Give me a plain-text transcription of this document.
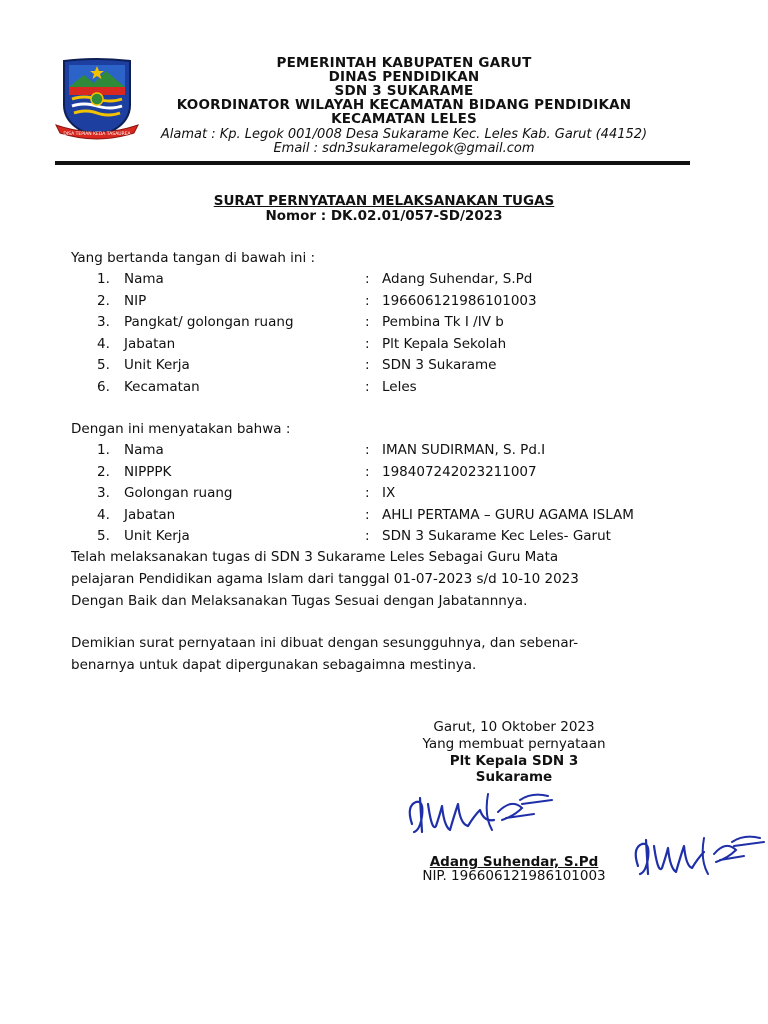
DISA TEPIAN KEDA TASAUREA
PEMERINTAH KABUPATEN GARUT
DINAS PENDIDIKAN
SDN 3 SUKARAME
KOORDINATOR WILAYAH KECAMATAN BIDANG PENDIDIKAN
KECAMATAN LELES
Alamat : Kp. Legok 001/008 Desa Sukarame Kec. Leles Kab. Garut (44152)
Email : sdn3sukaramelegok@gmail.com
SURAT PERNYATAAN MELAKSANAKAN TUGAS
Nomor : DK.02.01/057-SD/2023
Yang bertanda tangan di bawah ini :
1. Nama	: Adang Suhendar, S.Pd
2. NIP	: 196606121986101003
3. Pangkat/ golongan ruang	: Pembina Tk I /IV b
4. Jabatan	: Plt Kepala Sekolah
5. Unit Kerja	: SDN 3 Sukarame
6. Kecamatan	: Leles
Dengan ini menyatakan bahwa :
1. Nama	: IMAN SUDIRMAN, S. Pd.I
2. NIPPPK	: 198407242023211007
3. Golongan ruang	: IX
4. Jabatan	: AHLI PERTAMA – GURU AGAMA ISLAM
5. Unit Kerja	: SDN 3 Sukarame Kec Leles- Garut
Telah melaksanakan tugas di SDN 3 Sukarame Leles Sebagai Guru Mata
pelajaran Pendidikan agama Islam dari tanggal 01-07-2023 s/d 10-10 2023
Dengan Baik dan Melaksanakan Tugas Sesuai dengan Jabatannnya.
Demikian surat pernyataan ini dibuat dengan sesungguhnya, dan sebenar-
benarnya untuk dapat dipergunakan sebagaimna mestinya.
Garut, 10 Oktober 2023
Yang membuat pernyataan
Plt Kepala SDN 3
Sukarame
Adang Suhendar, S.Pd
NIP. 196606121986101003
